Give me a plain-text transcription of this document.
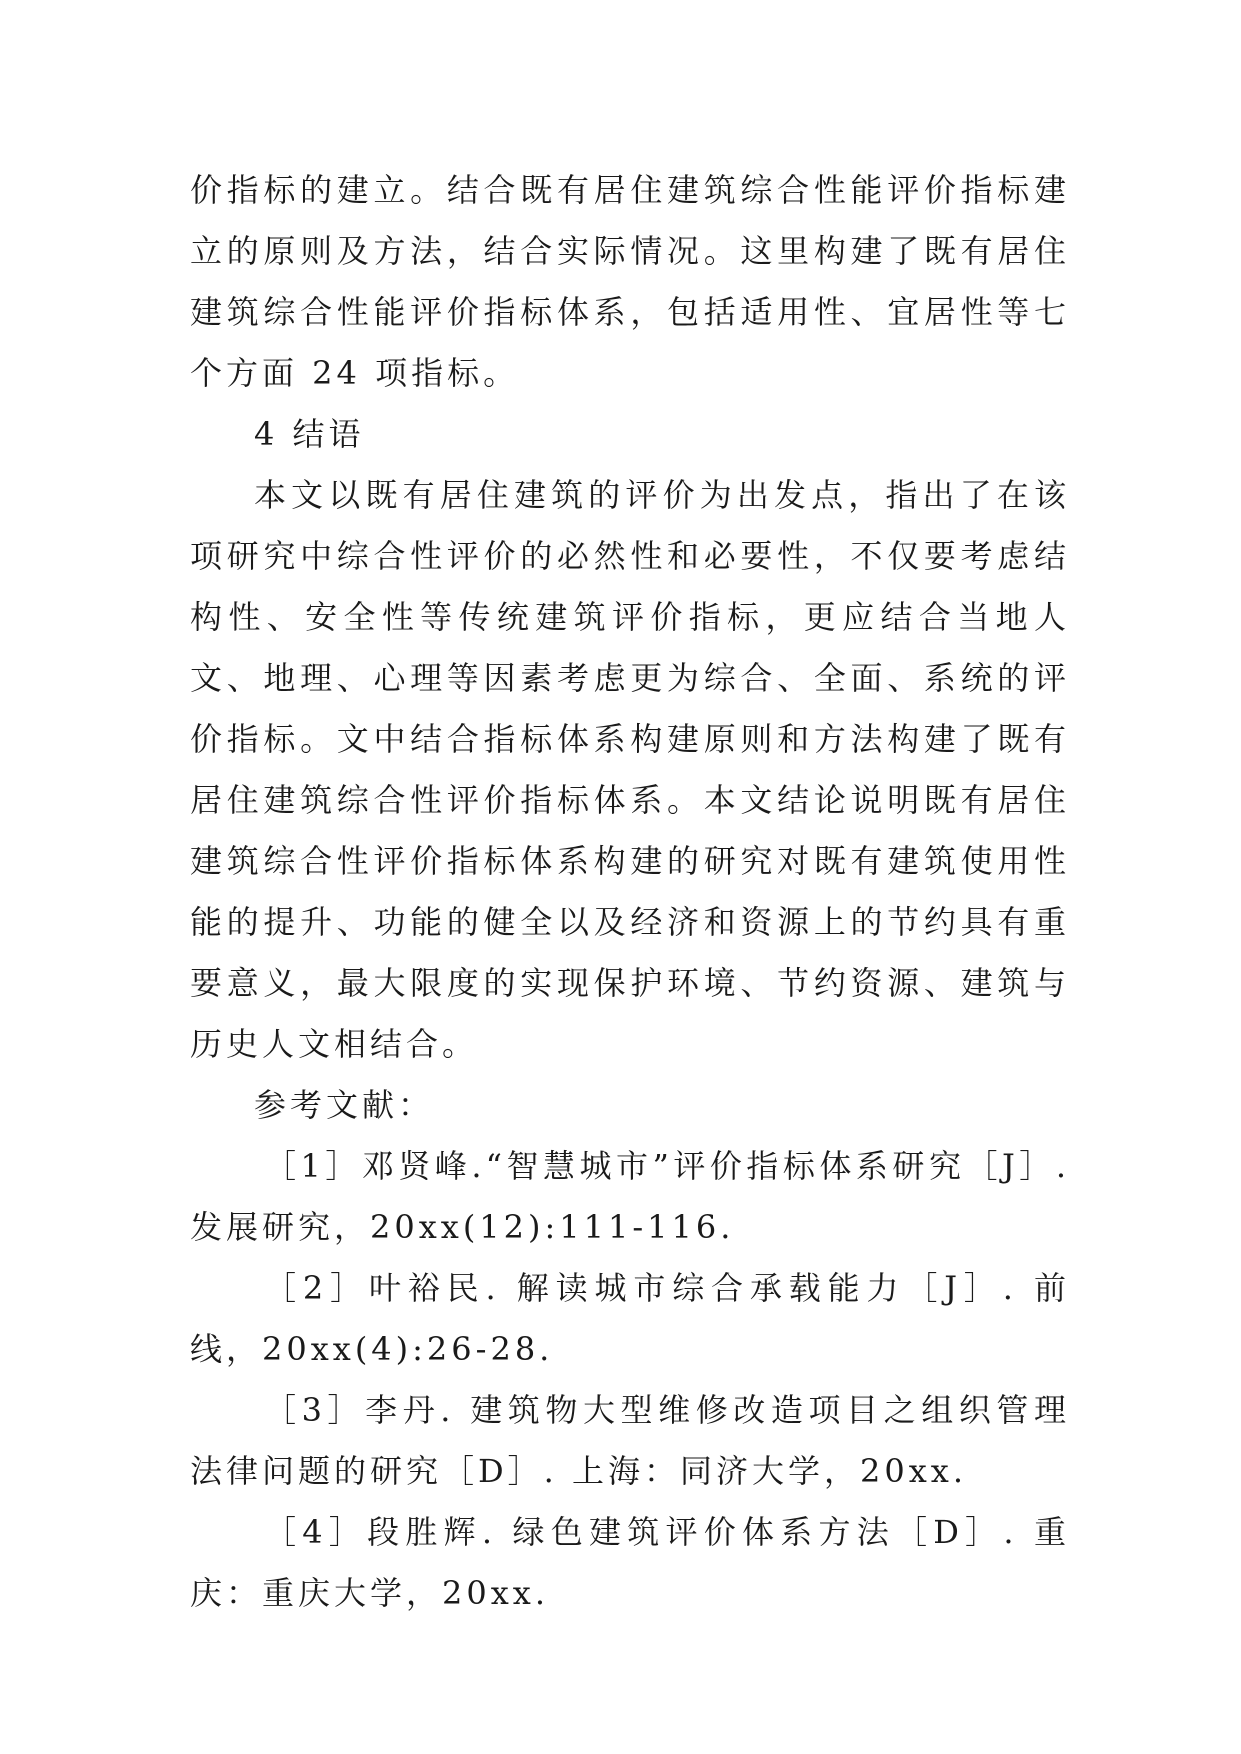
价指标的建立。结合既有居住建筑综合性能评价指标建立的原则及方法，结合实际情况。这里构建了既有居住建筑综合性能评价指标体系，包括适用性、宜居性等七个方面 24 项指标。

4 结语

本文以既有居住建筑的评价为出发点，指出了在该项研究中综合性评价的必然性和必要性，不仅要考虑结构性、安全性等传统建筑评价指标，更应结合当地人文、地理、心理等因素考虑更为综合、全面、系统的评价指标。文中结合指标体系构建原则和方法构建了既有居住建筑综合性评价指标体系。本文结论说明既有居住建筑综合性评价指标体系构建的研究对既有建筑使用性能的提升、功能的健全以及经济和资源上的节约具有重要意义，最大限度的实现保护环境、节约资源、建筑与历史人文相结合。

参考文献：

［1］邓贤峰.“智慧城市”评价指标体系研究［J］. 发展研究，20xx(12):111-116.

［2］叶裕民. 解读城市综合承载能力［J］. 前线，20xx(4):26-28.

［3］李丹. 建筑物大型维修改造项目之组织管理法律问题的研究［D］. 上海：同济大学，20xx.

［4］段胜辉. 绿色建筑评价体系方法［D］. 重庆：重庆大学，20xx.
